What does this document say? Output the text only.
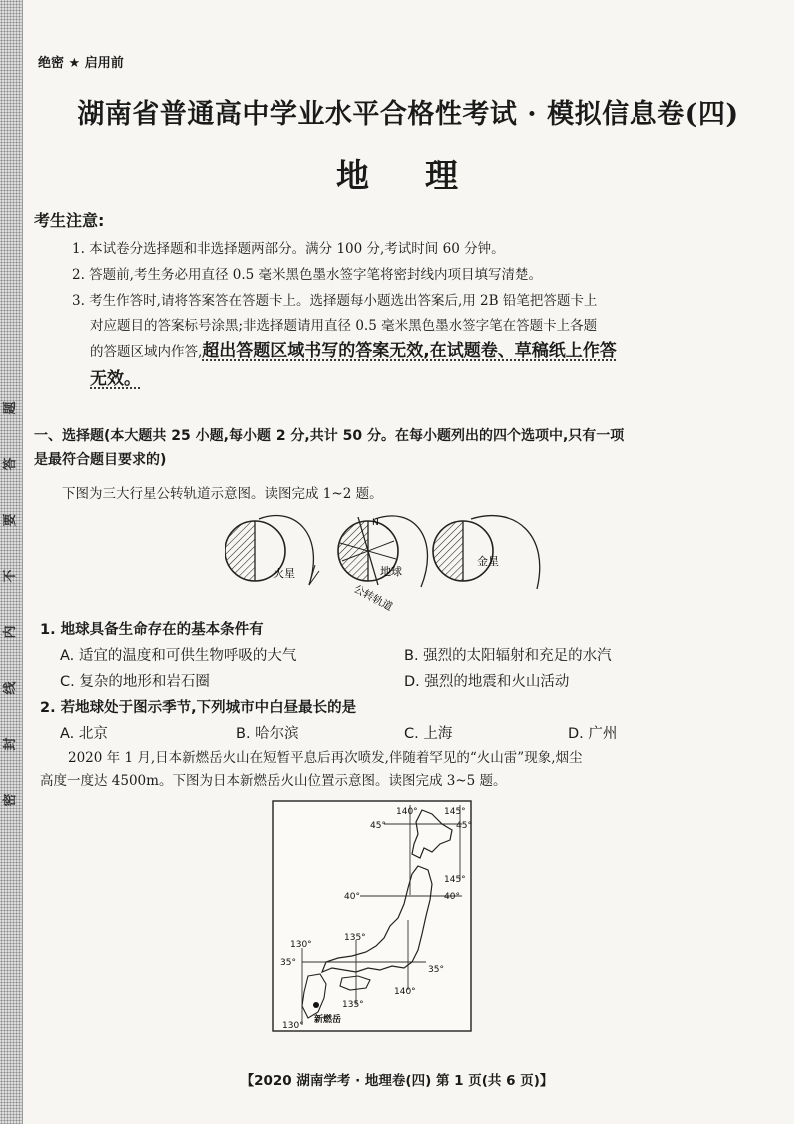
题
答
要
不
内
线
封
密
绝密 ★ 启用前
湖南省普通高中学业水平合格性考试 · 模拟信息卷(四)
地理
考生注意:
1. 本试卷分选择题和非选择题两部分。满分 100 分,考试时间 60 分钟。
2. 答题前,考生务必用直径 0.5 毫米黑色墨水签字笔将密封线内项目填写清楚。
3. 考生作答时,请将答案答在答题卡上。选择题每小题选出答案后,用 2B 铅笔把答题卡上
对应题目的答案标号涂黑;非选择题请用直径 0.5 毫米黑色墨水签字笔在答题卡上各题
的答题区域内作答,超出答题区域书写的答案无效,在试题卷、草稿纸上作答
无效。
一、选择题(本大题共 25 小题,每小题 2 分,共计 50 分。在每小题列出的四个选项中,只有一项
是最符合题目要求的)
下图为三大行星公转轨道示意图。读图完成 1~2 题。
火星
N
地球
公转轨道
金星
1. 地球具备生命存在的基本条件有
A. 适宜的温度和可供生物呼吸的大气	B. 强烈的太阳辐射和充足的水汽
C. 复杂的地形和岩石圈	D. 强烈的地震和火山活动
2. 若地球处于图示季节,下列城市中白昼最长的是
A. 北京	B. 哈尔滨	C. 上海	D. 广州
2020 年 1 月,日本新燃岳火山在短暂平息后再次喷发,伴随着罕见的“火山雷”现象,烟尘
高度一度达 4500m。下图为日本新燃岳火山位置示意图。读图完成 3~5 题。
140°	145°
45°	45°
145°
40°	40°
135°
130°
35°
35°
140°
135°
130°
新燃岳
【2020 湖南学考 · 地理卷(四) 第 1 页(共 6 页)】
